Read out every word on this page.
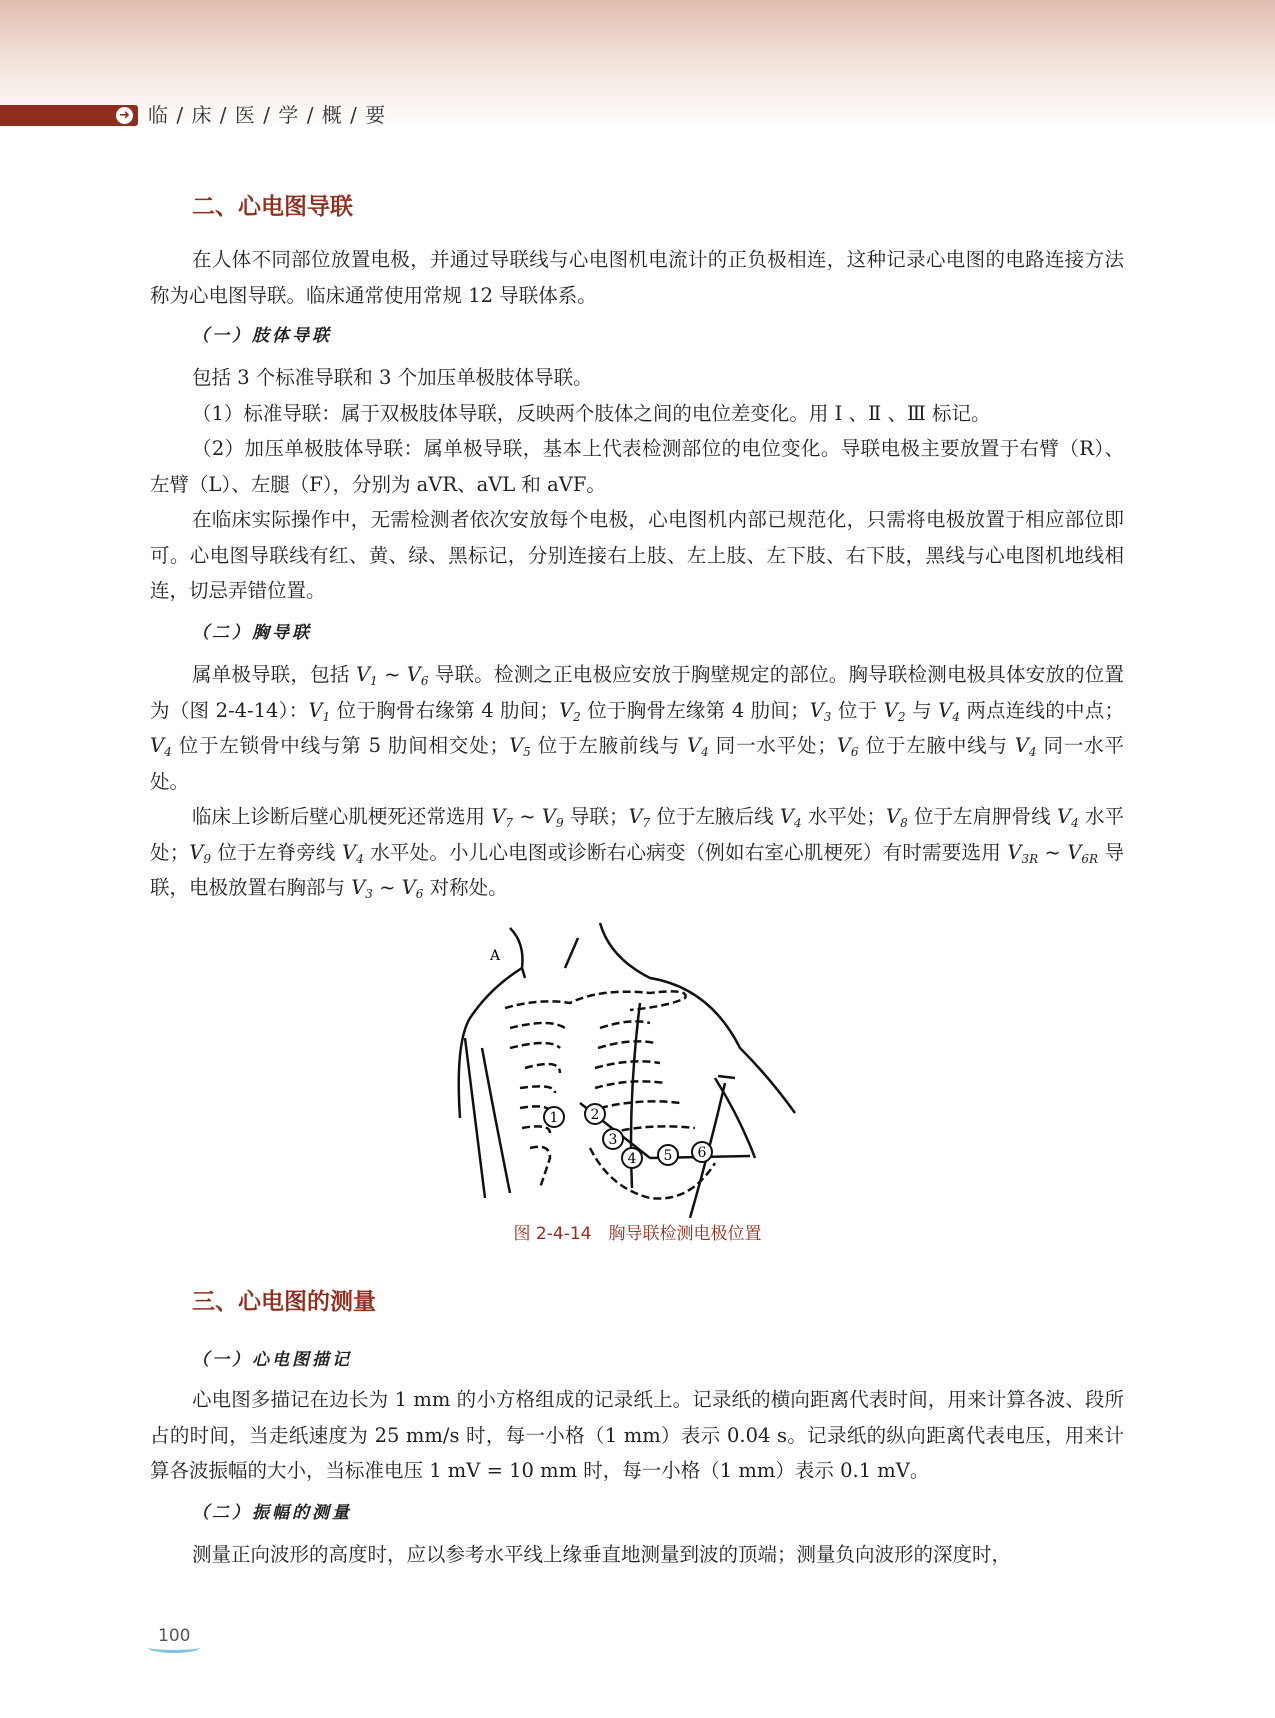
➜ 临 / 床 / 医 / 学 / 概 / 要
二、心电图导联
在人体不同部位放置电极，并通过导联线与心电图机电流计的正负极相连，这种记录心电图的电路连接方法称为心电图导联。临床通常使用常规 12 导联体系。
（一）肢体导联
包括 3 个标准导联和 3 个加压单极肢体导联。
（1）标准导联：属于双极肢体导联，反映两个肢体之间的电位差变化。用 Ⅰ 、Ⅱ 、Ⅲ 标记。
（2）加压单极肢体导联：属单极导联，基本上代表检测部位的电位变化。导联电极主要放置于右臂（R）、左臂（L）、左腿（F），分别为 aVR、aVL 和 aVF。
在临床实际操作中，无需检测者依次安放每个电极，心电图机内部已规范化，只需将电极放置于相应部位即可。心电图导联线有红、黄、绿、黑标记，分别连接右上肢、左上肢、左下肢、右下肢，黑线与心电图机地线相连，切忌弄错位置。
（二）胸导联
属单极导联，包括 $V_1$ ~ $V_6$ 导联。检测之正电极应安放于胸壁规定的部位。胸导联检测电极具体安放的位置为（图 2-4-14）：$V_1$ 位于胸骨右缘第 4 肋间；$V_2$ 位于胸骨左缘第 4 肋间；$V_3$ 位于 $V_2$ 与 $V_4$ 两点连线的中点；$V_4$ 位于左锁骨中线与第 5 肋间相交处；$V_5$ 位于左腋前线与 $V_4$ 同一水平处；$V_6$ 位于左腋中线与 $V_4$ 同一水平处。
临床上诊断后壁心肌梗死还常选用 $V_7$ ~ $V_9$ 导联；$V_7$ 位于左腋后线 $V_4$ 水平处；$V_8$ 位于左肩胛骨线 $V_4$ 水平处；$V_9$ 位于左脊旁线 $V_4$ 水平处。小儿心电图或诊断右心病变（例如右室心肌梗死）有时需要选用 $V_{3R}$ ~ $V_{6R}$ 导联，电极放置右胸部与 $V_3$ ~ $V_6$ 对称处。
1 2
3
4 5 6
A
图 2-4-14　胸导联检测电极位置
三、心电图的测量
（一）心电图描记
心电图多描记在边长为 1 mm 的小方格组成的记录纸上。记录纸的横向距离代表时间，用来计算各波、段所占的时间，当走纸速度为 25 mm/s 时，每一小格（1 mm）表示 0.04 s。记录纸的纵向距离代表电压，用来计算各波振幅的大小，当标准电压 1 mV = 10 mm 时，每一小格（1 mm）表示 0.1 mV。
（二）振幅的测量
测量正向波形的高度时，应以参考水平线上缘垂直地测量到波的顶端；测量负向波形的深度时，
100
